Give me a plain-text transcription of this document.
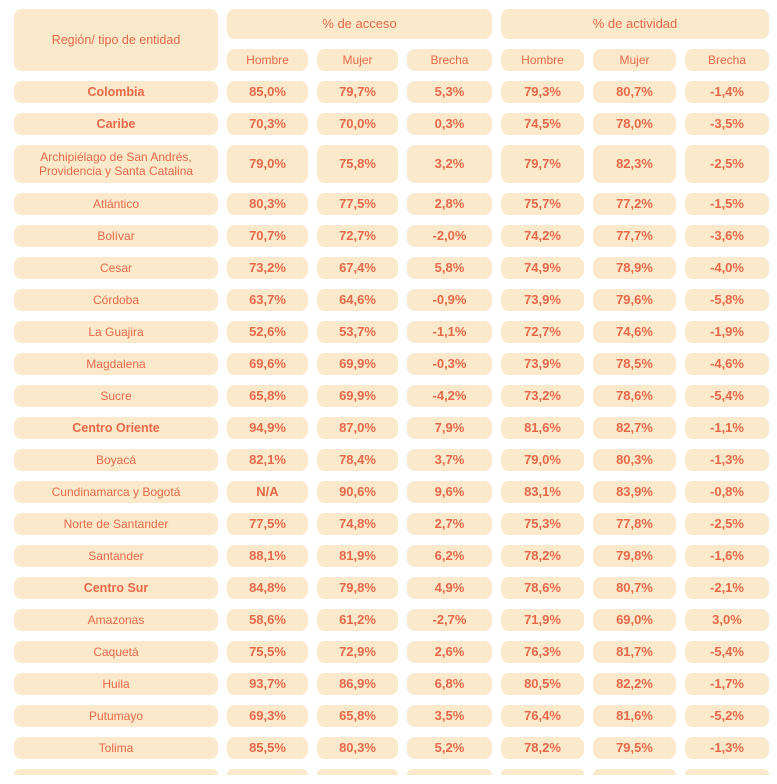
Región/ tipo de entidad
% de acceso	% de actividad
Hombre	Mujer	Brecha	Hombre	Mujer	Brecha
Colombia	85,0%	79,7%	5,3%	79,3%	80,7%	-1,4%
Caribe	70,3%	70,0%	0,3%	74,5%	78,0%	-3,5%
Archipiélago de San Andrés, Providencia y Santa Catalina	79,0%	75,8%	3,2%	79,7%	82,3%	-2,5%
Atlántico	80,3%	77,5%	2,8%	75,7%	77,2%	-1,5%
Bolívar	70,7%	72,7%	-2,0%	74,2%	77,7%	-3,6%
Cesar	73,2%	67,4%	5,8%	74,9%	78,9%	-4,0%
Córdoba	63,7%	64,6%	-0,9%	73,9%	79,6%	-5,8%
La Guajira	52,6%	53,7%	-1,1%	72,7%	74,6%	-1,9%
Magdalena	69,6%	69,9%	-0,3%	73,9%	78,5%	-4,6%
Sucre	65,8%	69,9%	-4,2%	73,2%	78,6%	-5,4%
Centro Oriente	94,9%	87,0%	7,9%	81,6%	82,7%	-1,1%
Boyacá	82,1%	78,4%	3,7%	79,0%	80,3%	-1,3%
Cundinamarca y Bogotá	N/A	90,6%	9,6%	83,1%	83,9%	-0,8%
Norte de Santander	77,5%	74,8%	2,7%	75,3%	77,8%	-2,5%
Santander	88,1%	81,9%	6,2%	78,2%	79,8%	-1,6%
Centro Sur	84,8%	79,8%	4,9%	78,6%	80,7%	-2,1%
Amazonas	58,6%	61,2%	-2,7%	71,9%	69,0%	3,0%
Caquetá	75,5%	72,9%	2,6%	76,3%	81,7%	-5,4%
Huila	93,7%	86,9%	6,8%	80,5%	82,2%	-1,7%
Putumayo	69,3%	65,8%	3,5%	76,4%	81,6%	-5,2%
Tolima	85,5%	80,3%	5,2%	78,2%	79,5%	-1,3%
